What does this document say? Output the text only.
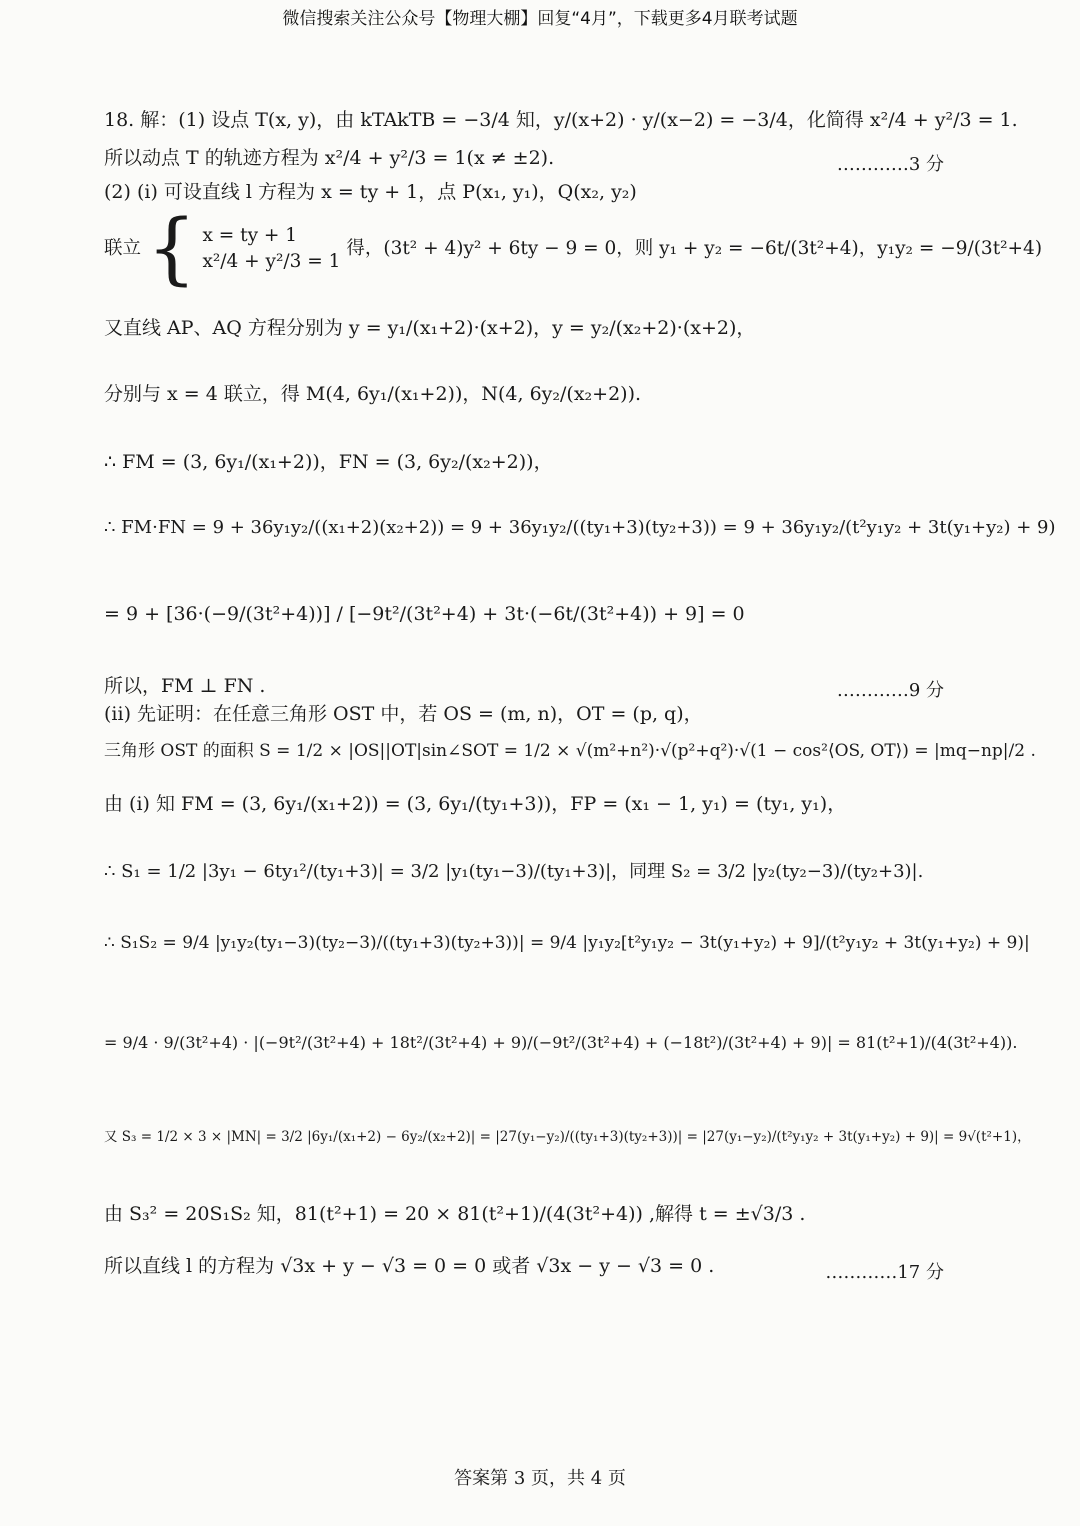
微信搜索关注公众号【物理大棚】回复“4月”，下载更多4月联考试题
18. 解：(1) 设点 T(x, y)，由 kTAkTB = −3/4 知，y/(x+2) · y/(x−2) = −3/4，化简得 x²/4 + y²/3 = 1.
所以动点 T 的轨迹方程为 x²/4 + y²/3 = 1(x ≠ ±2).	…………3 分
(2) (i) 可设直线 l 方程为 x = ty + 1，点 P(x₁, y₁)，Q(x₂, y₂)
联立 { x = ty + 1
x²/4 + y²/3 = 1
得，(3t² + 4)y² + 6ty − 9 = 0，则 y₁ + y₂ = −6t/(3t²+4)，y₁y₂ = −9/(3t²+4)
又直线 AP、AQ 方程分别为 y = y₁/(x₁+2)·(x+2)，y = y₂/(x₂+2)·(x+2)，
分别与 x = 4 联立，得 M(4, 6y₁/(x₁+2))，N(4, 6y₂/(x₂+2)).
∴ FM = (3, 6y₁/(x₁+2))，FN = (3, 6y₂/(x₂+2))，
∴ FM·FN = 9 + 36y₁y₂/((x₁+2)(x₂+2)) = 9 + 36y₁y₂/((ty₁+3)(ty₂+3)) = 9 + 36y₁y₂/(t²y₁y₂ + 3t(y₁+y₂) + 9)
= 9 + [36·(−9/(3t²+4))] / [−9t²/(3t²+4) + 3t·(−6t/(3t²+4)) + 9] = 0
所以，FM ⊥ FN .	…………9 分
(ii) 先证明：在任意三角形 OST 中，若 OS = (m, n)，OT = (p, q)，
三角形 OST 的面积 S = 1/2 × |OS||OT|sin∠SOT = 1/2 × √(m²+n²)·√(p²+q²)·√(1 − cos²⟨OS, OT⟩) = |mq−np|/2 .
由 (i) 知 FM = (3, 6y₁/(x₁+2)) = (3, 6y₁/(ty₁+3))，FP = (x₁ − 1, y₁) = (ty₁, y₁)，
∴ S₁ = 1/2 |3y₁ − 6ty₁²/(ty₁+3)| = 3/2 |y₁(ty₁−3)/(ty₁+3)|，同理 S₂ = 3/2 |y₂(ty₂−3)/(ty₂+3)|.
∴ S₁S₂ = 9/4 |y₁y₂(ty₁−3)(ty₂−3)/((ty₁+3)(ty₂+3))| = 9/4 |y₁y₂[t²y₁y₂ − 3t(y₁+y₂) + 9]/(t²y₁y₂ + 3t(y₁+y₂) + 9)|
= 9/4 · 9/(3t²+4) · |(−9t²/(3t²+4) + 18t²/(3t²+4) + 9)/(−9t²/(3t²+4) + (−18t²)/(3t²+4) + 9)| = 81(t²+1)/(4(3t²+4)).
又 S₃ = 1/2 × 3 × |MN| = 3/2 |6y₁/(x₁+2) − 6y₂/(x₂+2)| = |27(y₁−y₂)/((ty₁+3)(ty₂+3))| = |27(y₁−y₂)/(t²y₁y₂ + 3t(y₁+y₂) + 9)| = 9√(t²+1)，
由 S₃² = 20S₁S₂ 知，81(t²+1) = 20 × 81(t²+1)/(4(3t²+4)) ,解得 t = ±√3/3 .
所以直线 l 的方程为 √3x + y − √3 = 0 = 0 或者 √3x − y − √3 = 0 .	…………17 分
答案第 3 页，共 4 页
